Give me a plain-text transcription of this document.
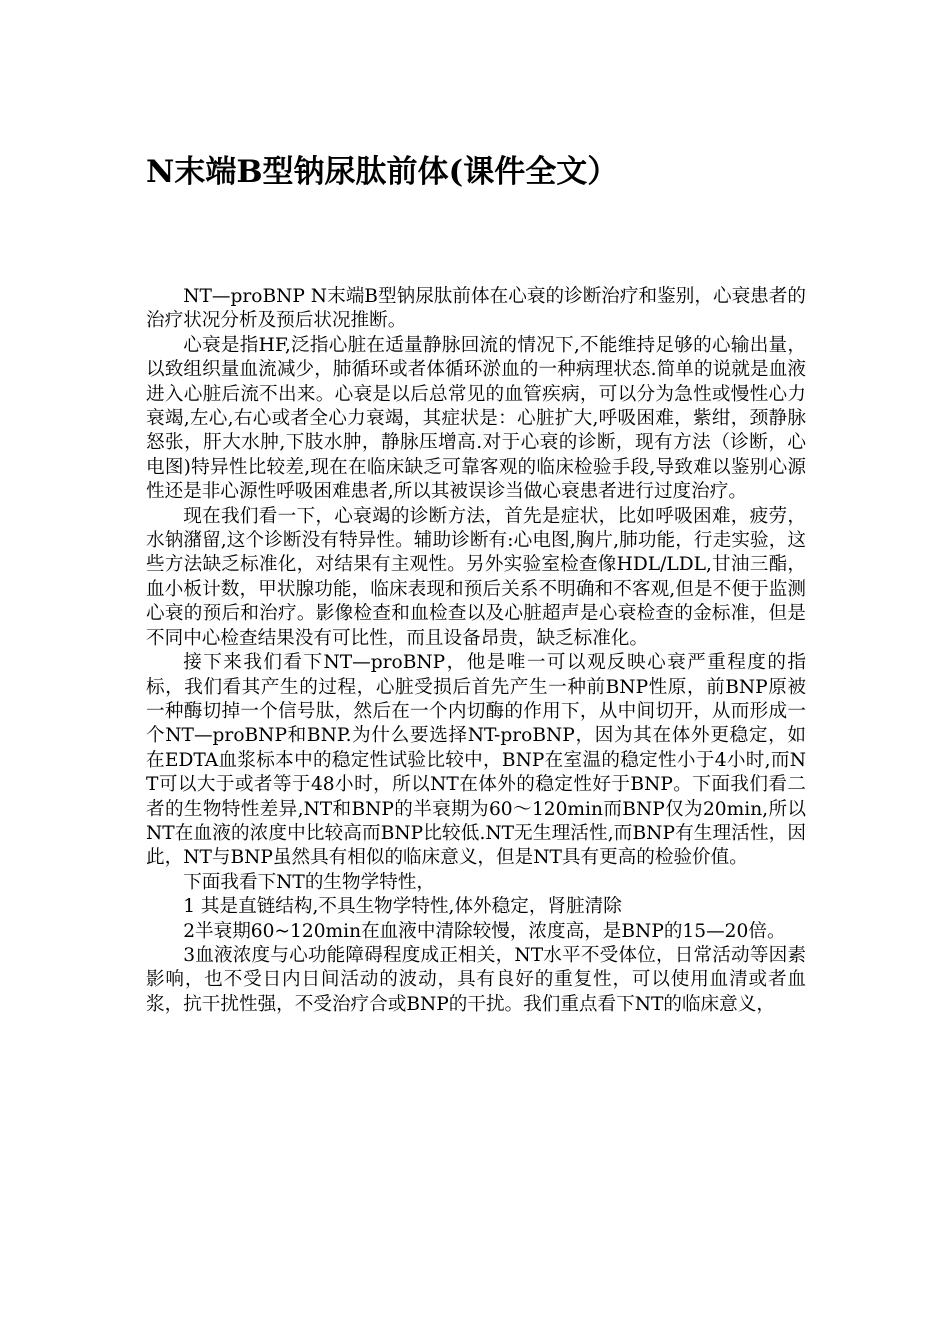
N末端B型钠尿肽前体(课件全文）

NT—proBNP N末端B型钠尿肽前体在心衰的诊断治疗和鉴别，心衰患者的治疗状况分析及预后状况推断。

心衰是指HF,泛指心脏在适量静脉回流的情况下,不能维持足够的心输出量，以致组织量血流减少，肺循环或者体循环淤血的一种病理状态.简单的说就是血液进入心脏后流不出来。心衰是以后总常见的血管疾病，可以分为急性或慢性心力衰竭,左心,右心或者全心力衰竭，其症状是：心脏扩大,呼吸困难，紫绀，颈静脉怒张，肝大水肿,下肢水肿，静脉压增高.对于心衰的诊断，现有方法（诊断，心电图)特异性比较差,现在在临床缺乏可靠客观的临床检验手段,导致难以鉴别心源性还是非心源性呼吸困难患者,所以其被误诊当做心衰患者进行过度治疗。

现在我们看一下，心衰竭的诊断方法，首先是症状，比如呼吸困难，疲劳，水钠潴留,这个诊断没有特异性。辅助诊断有:心电图,胸片,肺功能，行走实验，这些方法缺乏标准化，对结果有主观性。另外实验室检查像HDL/LDL,甘油三酯，血小板计数，甲状腺功能，临床表现和预后关系不明确和不客观,但是不便于监测心衰的预后和治疗。影像检查和血检查以及心脏超声是心衰检查的金标准，但是不同中心检查结果没有可比性，而且设备昂贵，缺乏标准化。

接下来我们看下NT—proBNP，他是唯一可以观反映心衰严重程度的指标，我们看其产生的过程，心脏受损后首先产生一种前BNP性原，前BNP原被一种酶切掉一个信号肽，然后在一个内切酶的作用下，从中间切开，从而形成一个NT—proBNP和BNP.为什么要选择NT-proBNP，因为其在体外更稳定，如在EDTA血浆标本中的稳定性试验比较中，BNP在室温的稳定性小于4小时,而NT可以大于或者等于48小时，所以NT在体外的稳定性好于BNP。下面我们看二者的生物特性差异,NT和BNP的半衰期为60～120min而BNP仅为20min,所以NT在血液的浓度中比较高而BNP比较低.NT无生理活性,而BNP有生理活性，因此，NT与BNP虽然具有相似的临床意义，但是NT具有更高的检验价值。

下面我看下NT的生物学特性，

1 其是直链结构,不具生物学特性,体外稳定，肾脏清除

2半衰期60~120min在血液中清除较慢，浓度高，是BNP的15—20倍。

3血液浓度与心功能障碍程度成正相关，NT水平不受体位，日常活动等因素影响，也不受日内日间活动的波动，具有良好的重复性，可以使用血清或者血浆，抗干扰性强，不受治疗合或BNP的干扰。我们重点看下NT的临床意义，
